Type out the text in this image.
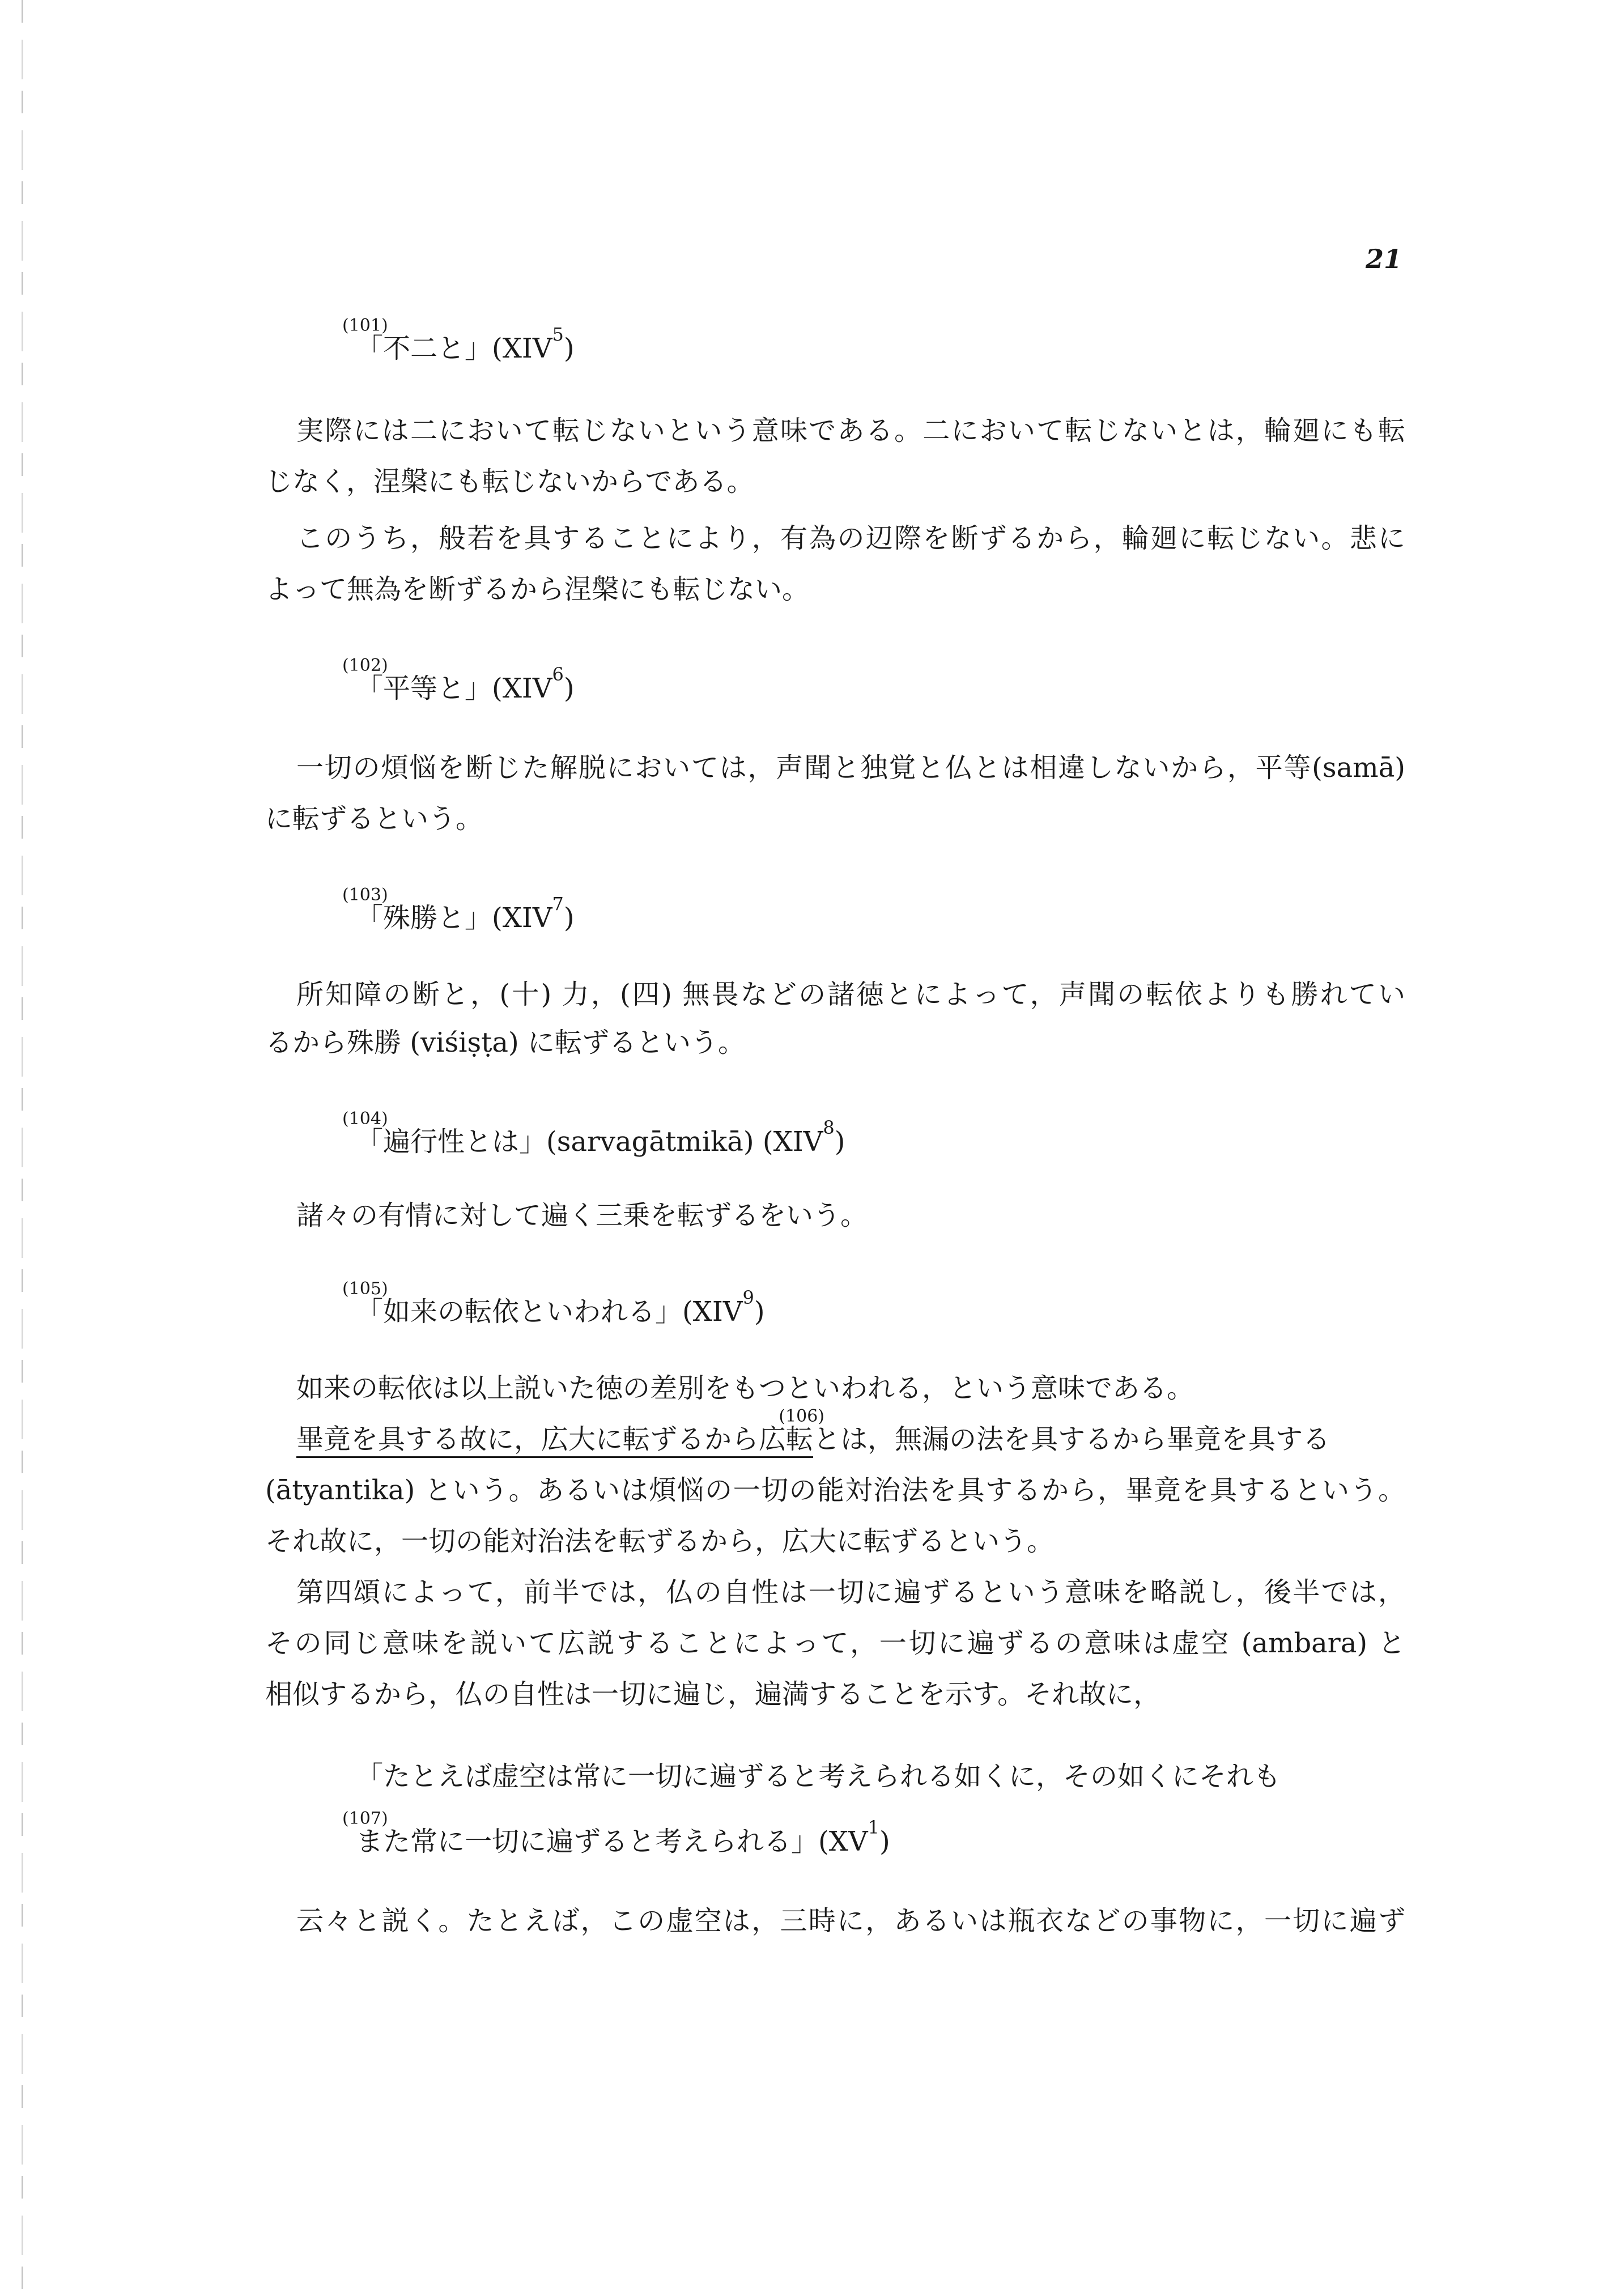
21
「不二と」(XIV$^5$
(101)
)
実際には二において転じないという意味である。二において転じないとは，輪廻にも転
じなく，涅槃にも転じないからである。
このうち，般若を具することにより，有為の辺際を断ずるから，輪廻に転じない。悲に
よって無為を断ずるから涅槃にも転じない。
「平等と」(XIV$^6$
(102)
)
一切の煩悩を断じた解脱においては，声聞と独覚と仏とは相違しないから，平等(samā)
に転ずるという。
「殊勝と」(XIV$^7$
(103)
)
所知障の断と，(十) 力，(四) 無畏などの諸徳とによって，声聞の転依よりも勝れてい
るから殊勝 (viśiṣṭa) に転ずるという。
「遍行性とは」(sarvagātmikā) (XIV$^8$
(104)
)
諸々の有情に対して遍く三乗を転ずるをいう。
「如来の転依といわれる」(XIV$^9$
(105)
)
如来の転依は以上説いた徳の差別をもつといわれる，という意味である。
畢竟を具する故に，広大に転ずるから広転
(106)
とは，無漏の法を具するから畢竟を具する
(ātyantika) という。あるいは煩悩の一切の能対治法を具するから，畢竟を具するという。
それ故に，一切の能対治法を転ずるから，広大に転ずるという。
第四頌によって，前半では，仏の自性は一切に遍ずるという意味を略説し，後半では，
その同じ意味を説いて広説することによって，一切に遍ずるの意味は虚空 (ambara) と
相似するから，仏の自性は一切に遍じ，遍満することを示す。それ故に，
「たとえば虚空は常に一切に遍ずると考えられる如くに，その如くにそれも
また常に一切に遍ずると考えられる」($XV^1$
(107)
)
云々と説く。たとえば，この虚空は，三時に，あるいは瓶衣などの事物に，一切に遍ず
